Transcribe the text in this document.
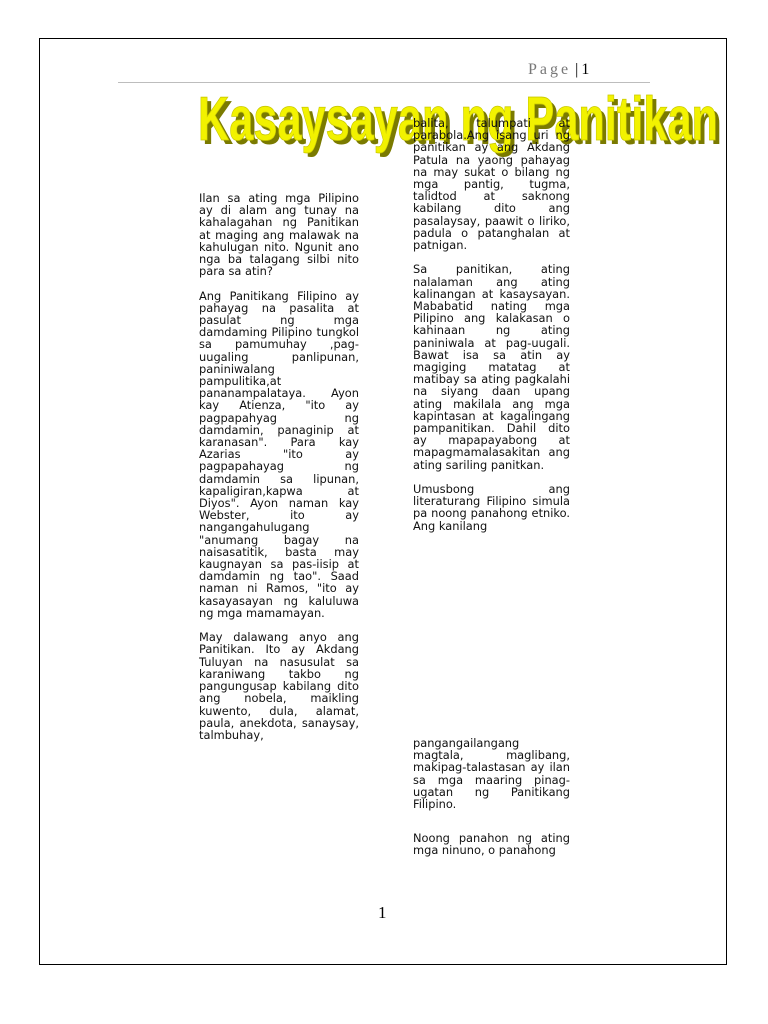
Page | 1
Kasaysayan ng Panitikan
Kasaysayan ng Panitikan

Ilan sa ating mga Pilipino ay di alam ang tunay na kahalagahan ng Panitikan at maging ang malawak na kahulugan nito. Ngunit ano nga ba talagang silbi nito para sa atin?

Ang Panitikang Filipino ay pahayag na pasalita at pasulat ng mga damdaming Pilipino tungkol sa pamumuhay ,pag-uugaling panlipunan, paniniwalang pampulitika,at pananampalataya. Ayon kay Atienza, "ito ay pagpapahyag ng damdamin, panaginip at karanasan". Para kay Azarias "ito ay pagpapahayag ng damdamin sa lipunan, kapaligiran,kapwa at Diyos". Ayon naman kay Webster, ito ay nangangahulugang "anumang bagay na naisasatitik, basta may kaugnayan sa pas-iisip at damdamin ng tao". Saad naman ni Ramos, "ito ay kasayasayan ng kaluluwa ng mga mamamayan.

May dalawang anyo ang Panitikan. Ito ay Akdang Tuluyan na nasusulat sa karaniwang takbo ng pangungusap kabilang dito ang nobela, maikling kuwento, dula, alamat, paula, anekdota, sanaysay, talmbuhay,

balita, talumpati at parabola.Ang isang uri ng panitikan ay ang Akdang Patula na yaong pahayag na may sukat o bilang ng mga pantig, tugma, talidtod at saknong kabilang dito ang pasalaysay, paawit o liriko, padula o patanghalan at patnigan.

Sa panitikan, ating nalalaman ang ating kalinangan at kasaysayan. Mababatid nating mga Pilipino ang kalakasan o kahinaan ng ating paniniwala at pag-uugali. Bawat isa sa atin ay magiging matatag at matibay sa ating pagkalahi na siyang daan upang ating makilala ang mga kapintasan at kagalingang pampanitikan. Dahil dito ay mapapayabong at mapagmamalasakitan ang ating sariling panitkan.

Umusbong ang literaturang Filipino simula pa noong panahong etniko. Ang kanilang

pangangailangang magtala, maglibang, makipag-talastasan ay ilan sa mga maaring pinag-ugatan ng Panitikang Filipino.

Noong panahon ng ating mga ninuno, o panahong

1
